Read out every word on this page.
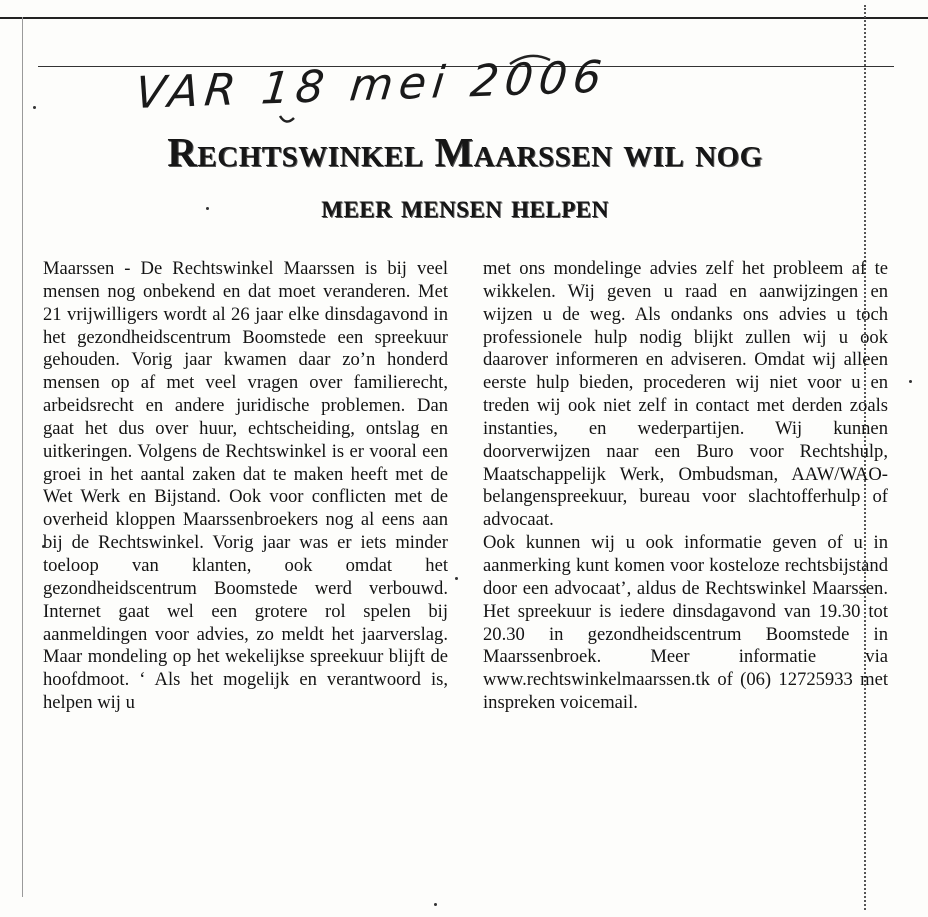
VAR 18 mei 2006
Rechtswinkel Maarssen wil nog
meer mensen helpen

Maarssen - De Rechtswinkel Maarssen is bij veel mensen nog onbekend en dat moet veranderen. Met 21 vrijwilligers wordt al 26 jaar elke dinsdagavond in het gezondheidscentrum Boomstede een spreekuur gehouden. Vorig jaar kwamen daar zo’n honderd mensen op af met veel vragen over familierecht, arbeidsrecht en andere juridische problemen. Dan gaat het dus over huur, echtscheiding, ontslag en uitkeringen. Volgens de Rechtswinkel is er vooral een groei in het aantal zaken dat te maken heeft met de Wet Werk en Bijstand. Ook voor conflicten met de overheid kloppen Maarssenbroekers nog al eens aan bij de Rechtswinkel. Vorig jaar was er iets minder toeloop van klanten, ook omdat het gezondheidscentrum Boomstede werd verbouwd. Internet gaat wel een grotere rol spelen bij aanmeldingen voor advies, zo meldt het jaarverslag. Maar mondeling op het wekelijkse spreekuur blijft de hoofdmoot. ‘ Als het mogelijk en verantwoord is, helpen wij u

met ons mondelinge advies zelf het probleem af te wikkelen. Wij geven u raad en aanwijzingen en wijzen u de weg. Als ondanks ons advies u toch professionele hulp nodig blijkt zullen wij u ook daarover informeren en adviseren. Omdat wij alleen eerste hulp bieden, procederen wij niet voor u en treden wij ook niet zelf in contact met derden zoals instanties, en wederpartijen. Wij kunnen doorverwijzen naar een Buro voor Rechtshulp, Maatschappelijk Werk, Ombudsman, AAW/WAO-belangenspreekuur, bureau voor slachtofferhulp of advocaat.

Ook kunnen wij u ook informatie geven of u in aanmerking kunt komen voor kosteloze rechtsbijstand door een advocaat’, aldus de Rechtswinkel Maarssen. Het spreekuur is iedere dinsdagavond van 19.30 tot 20.30 in gezondheidscentrum Boomstede in Maarssenbroek. Meer informatie via www.rechtswinkelmaarssen.tk of (06) 12725933 met inspreken voicemail.
